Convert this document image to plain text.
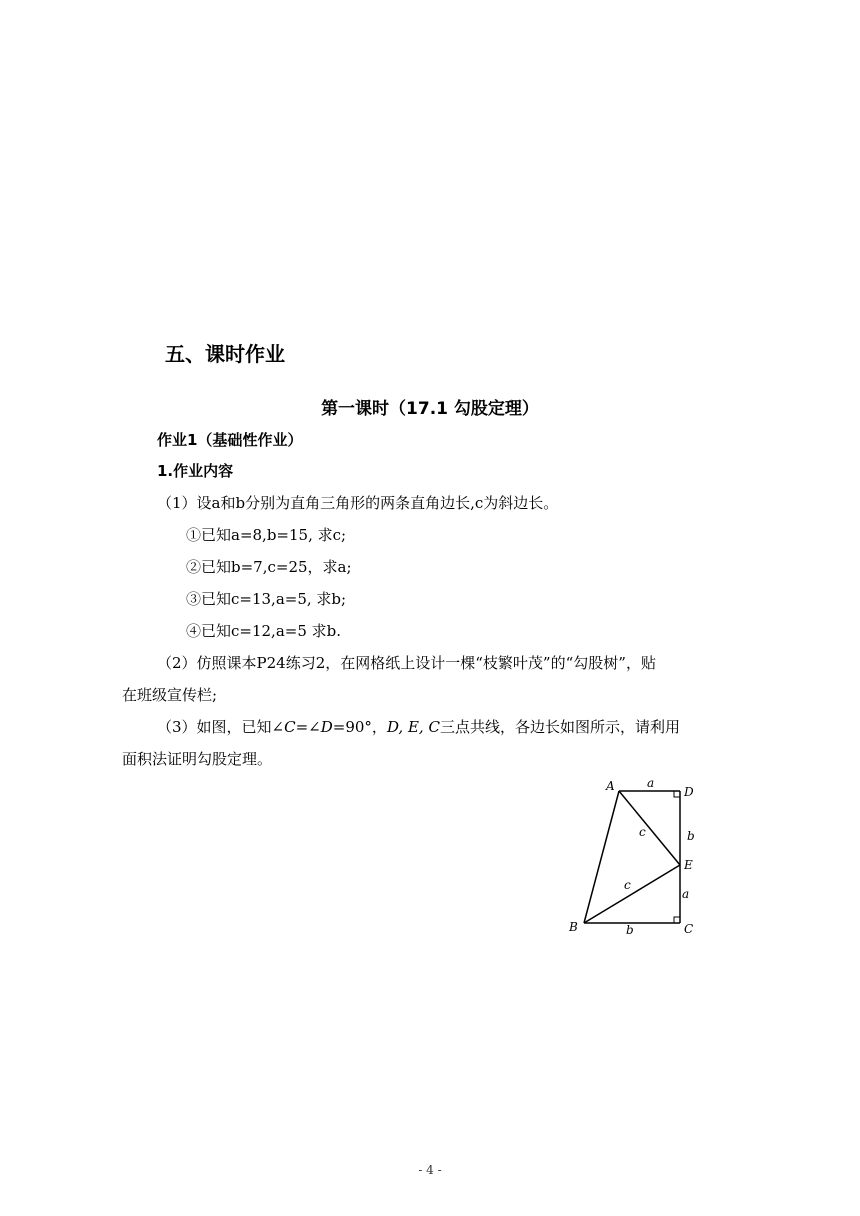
五、课时作业
第一课时（17.1 勾股定理）
作业1（基础性作业）
1.作业内容
（1）设a和b分别为直角三角形的两条直角边长,c为斜边长。
①已知a=8,b=15, 求c;
②已知b=7,c=25，求a;
③已知c=13,a=5, 求b;
④已知c=12,a=5 求b.
（2）仿照课本P24练习2，在网格纸上设计一棵“枝繁叶茂”的“勾股树”，贴
在班级宣传栏;
（3）如图，已知∠C=∠D=90°，D, E, C三点共线，各边长如图所示，请利用
面积法证明勾股定理。
A	D
E
C
B
a
b
c
c
a
b
- 4 -
